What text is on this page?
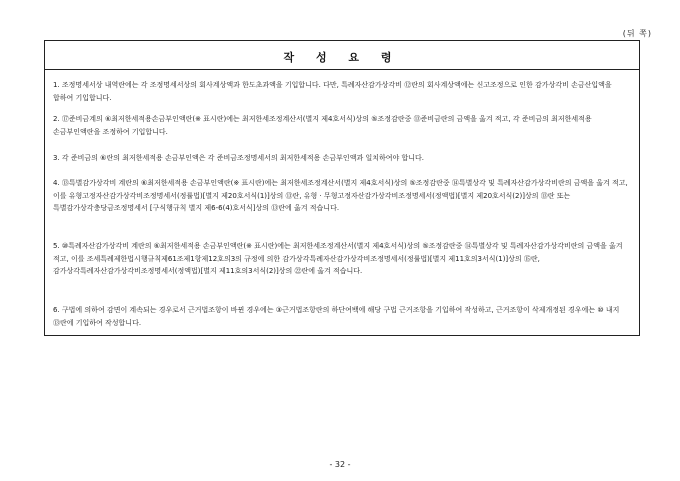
(뒤 쪽)
작 성 요 령
1. 조정명세서상 내역란에는 각 조정명세서상의 회사계상액과 한도초과액을 기입합니다. 다만, 특례자산감가상각비 ⑫란의 회사계상액에는 신고조정으로 인한 감가상각비 손금산입액을 합하여 기입합니다.
2. ⑰준비금계의 ⑥최저한세적용손금부인액란(※ 표시란)에는 최저한세조정계산서(별지 제4호서식)상의 ⑤조정감란중 ⑬준비금란의 금액을 옮겨 적고, 각 준비금의 최저한세적용 손금부인액란을 조정하여 기입합니다.
3. 각 준비금의 ⑥란의 최저한세적용 손금부인액은 각 준비금조정명세서의 최저한세적용 손금부인액과 일치하여야 합니다.
4. ⑬특별감가상각비 계란의 ⑥최저한세적용 손금부인액란(※ 표시란)에는 최저한세조정계산서(별지 제4호서식)상의 ⑤조정감란중 ⑭특별상각 및 특례자산감가상각비란의 금액을 옮겨 적고, 이를 유형고정자산감가상각비조정명세서(정률법)[별지 제20호서식(1)]상의 ⑬란, 유형 · 무형고정자산감가상각비조정명세서(정액법)[별지 제20호서식(2)]상의 ⑬란 또는 특별감가상각충당금조정명세서 [구식행규칙 별지 제6-6(4)호서식]상의 ⑬란에 옮겨 적습니다.
5. ⑩특례자산감가상각비 계란의 ⑥최저한세적용 손금부인액란(※ 표시란)에는 최저한세조정계산서(별지 제4호서식)상의 ⑤조정감란중 ⑭특별상각 및 특례자산감가상각비란의 금액을 옮겨 적고, 이를 조세특례제한법시행규칙제61조제1항제12호의3의 규정에 의한 감가상각특례자산감가상각비조정명세서(정률법)[별지 제11호의3서식(1)]상의 ⑮란, 감가상각특례자산감가상각비조정명세서(정액법)[별지 제11호의3서식(2)]상의 ㉒란에 옮겨 적습니다.
6. 구법에 의하여 감면이 계속되는 경우로서 근거법조항이 바뀐 경우에는 ③근거법조항란의 하단여백에 해당 구법 근거조항을 기입하여 작성하고, 근거조항이 삭제개정된 경우에는 ⑩ 내지 ⑬란에 기입하여 작성합니다.
- 32 -
